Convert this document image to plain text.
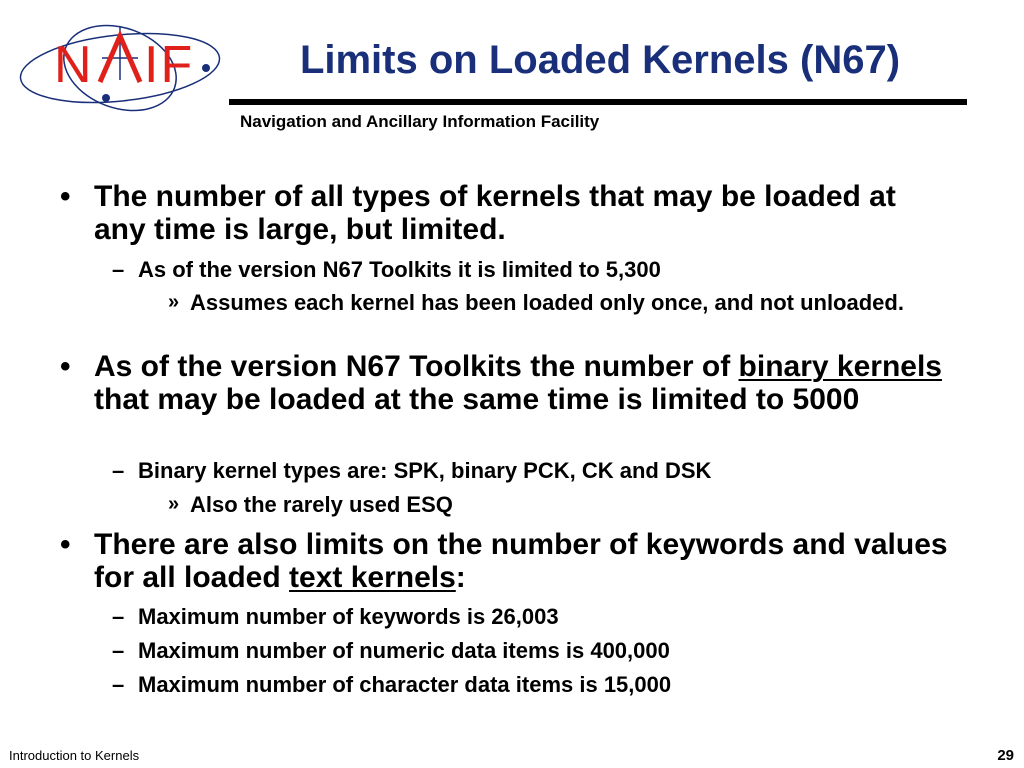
N IF	Limits on Loaded Kernels (N67)
Navigation and Ancillary Information Facility
• The number of all types of kernels that may be loaded at any time is large, but limited.
– As of the version N67 Toolkits it is limited to 5,300
» Assumes each kernel has been loaded only once, and not unloaded.
• As of the version N67 Toolkits the number of binary kernels that may be loaded at the same time is limited to 5000
– Binary kernel types are: SPK, binary PCK, CK and DSK
» Also the rarely used ESQ
• There are also limits on the number of keywords and values for all loaded text kernels:
– Maximum number of keywords is 26,003
– Maximum number of numeric data items is 400,000
– Maximum number of character data items is 15,000
Introduction to Kernels	29
